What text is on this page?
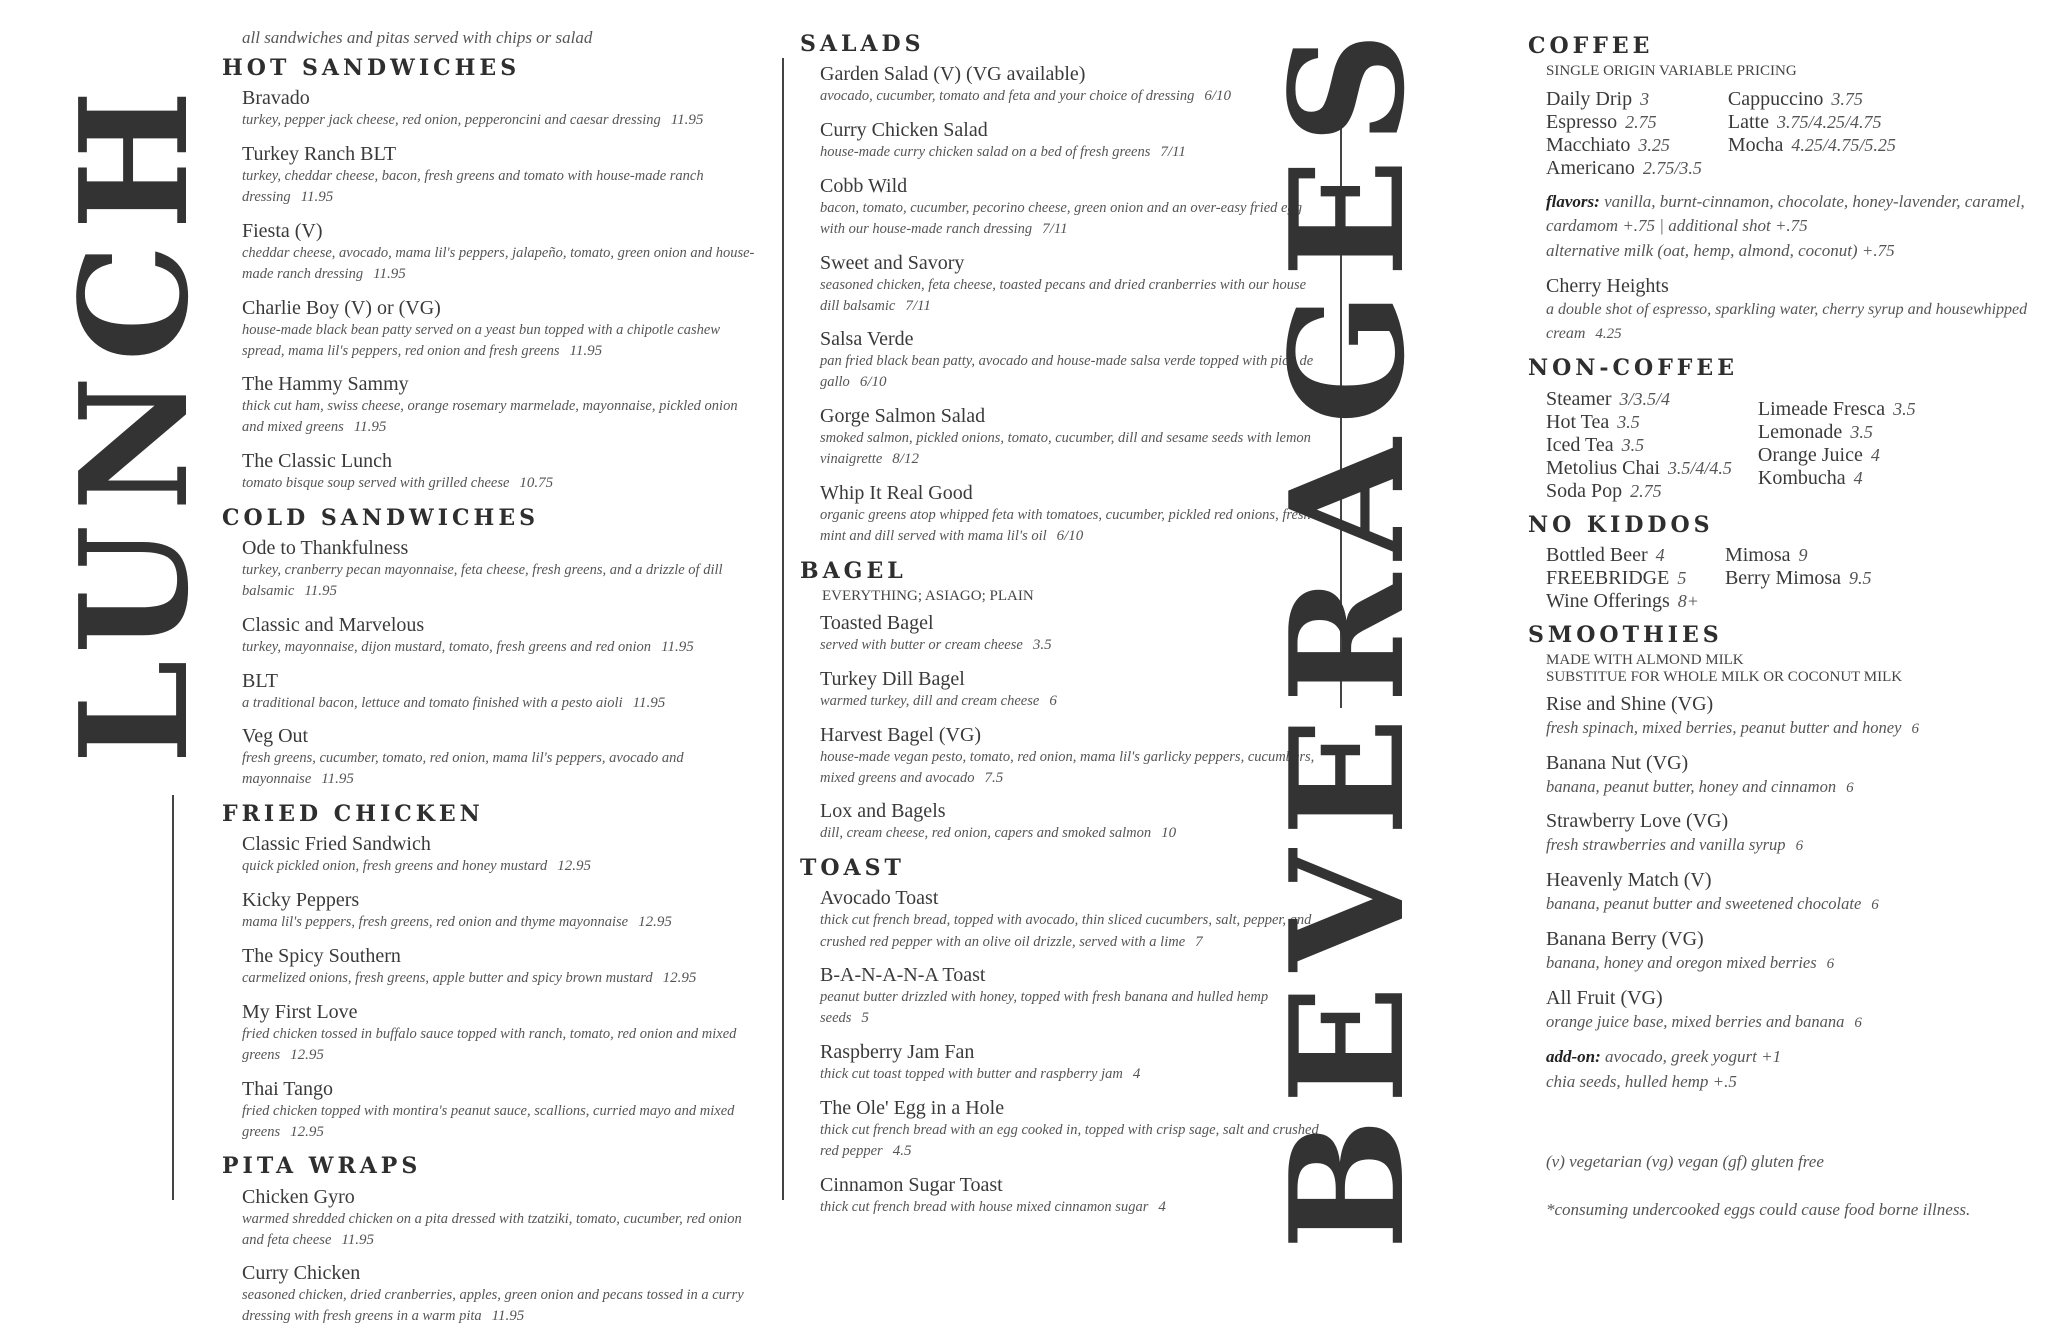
LUNCH
all sandwiches and pitas served with chips or salad
HOT SANDWICHES
Bravado
turkey, pepper jack cheese, red onion, pepperoncini and caesar dressing 11.95
Turkey Ranch BLT
turkey, cheddar cheese, bacon, fresh greens and tomato with house-made ranch dressing 11.95
Fiesta (V)
cheddar cheese, avocado, mama lil's peppers, jalapeño, tomato, green onion and house-made ranch dressing 11.95
Charlie Boy (V) or (VG)
house-made black bean patty served on a yeast bun topped with a chipotle cashew spread, mama lil's peppers, red onion and fresh greens 11.95
The Hammy Sammy
thick cut ham, swiss cheese, orange rosemary marmelade, mayonnaise, pickled onion and mixed greens 11.95
The Classic Lunch
tomato bisque soup served with grilled cheese 10.75
COLD SANDWICHES
Ode to Thankfulness
turkey, cranberry pecan mayonnaise, feta cheese, fresh greens, and a drizzle of dill balsamic 11.95
Classic and Marvelous
turkey, mayonnaise, dijon mustard, tomato, fresh greens and red onion 11.95
BLT
a traditional bacon, lettuce and tomato finished with a pesto aioli 11.95
Veg Out
fresh greens, cucumber, tomato, red onion, mama lil's peppers, avocado and mayonnaise 11.95
FRIED CHICKEN
Classic Fried Sandwich
quick pickled onion, fresh greens and honey mustard 12.95
Kicky Peppers
mama lil's peppers, fresh greens, red onion and thyme mayonnaise 12.95
The Spicy Southern
carmelized onions, fresh greens, apple butter and spicy brown mustard 12.95
My First Love
fried chicken tossed in buffalo sauce topped with ranch, tomato, red onion and mixed greens 12.95
Thai Tango
fried chicken topped with montira's peanut sauce, scallions, curried mayo and mixed greens 12.95
PITA WRAPS
Chicken Gyro
warmed shredded chicken on a pita dressed with tzatziki, tomato, cucumber, red onion and feta cheese 11.95
Curry Chicken
seasoned chicken, dried cranberries, apples, green onion and pecans tossed in a curry dressing with fresh greens in a warm pita 11.95
SALADS
Garden Salad (V) (VG available)
avocado, cucumber, tomato and feta and your choice of dressing 6/10
Curry Chicken Salad
house-made curry chicken salad on a bed of fresh greens 7/11
Cobb Wild
bacon, tomato, cucumber, pecorino cheese, green onion and an over-easy fried egg with our house-made ranch dressing 7/11
Sweet and Savory
seasoned chicken, feta cheese, toasted pecans and dried cranberries with our house dill balsamic 7/11
Salsa Verde
pan fried black bean patty, avocado and house-made salsa verde topped with pico de gallo 6/10
Gorge Salmon Salad
smoked salmon, pickled onions, tomato, cucumber, dill and sesame seeds with lemon vinaigrette 8/12
Whip It Real Good
organic greens atop whipped feta with tomatoes, cucumber, pickled red onions, fresh mint and dill served with mama lil's oil 6/10
BAGEL
EVERYTHING; ASIAGO; PLAIN
Toasted Bagel
served with butter or cream cheese 3.5
Turkey Dill Bagel
warmed turkey, dill and cream cheese 6
Harvest Bagel (VG)
house-made vegan pesto, tomato, red onion, mama lil's garlicky peppers, cucumbers, mixed greens and avocado 7.5
Lox and Bagels
dill, cream cheese, red onion, capers and smoked salmon 10
TOAST
Avocado Toast
thick cut french bread, topped with avocado, thin sliced cucumbers, salt, pepper, and crushed red pepper with an olive oil drizzle, served with a lime 7
B-A-N-A-N-A Toast
peanut butter drizzled with honey, topped with fresh banana and hulled hemp seeds 5
Raspberry Jam Fan
thick cut toast topped with butter and raspberry jam 4
The Ole' Egg in a Hole
thick cut french bread with an egg cooked in, topped with crisp sage, salt and crushed red pepper 4.5
Cinnamon Sugar Toast
thick cut french bread with house mixed cinnamon sugar 4 BEVERAGES	COFFEE
SINGLE ORIGIN VARIABLE PRICING
Daily Drip 3
Espresso 2.75
Macchiato 3.25
Americano 2.75/3.5
Cappuccino 3.75
Latte 3.75/4.25/4.75
Mocha 4.25/4.75/5.25
flavors: vanilla, burnt-cinnamon, chocolate, honey-lavender, caramel, cardamom +.75 | additional shot +.75
alternative milk (oat, hemp, almond, coconut) +.75
Cherry Heights
a double shot of espresso, sparkling water, cherry syrup and housewhipped cream 4.25
NON-COFFEE
Steamer 3/3.5/4
Hot Tea 3.5
Iced Tea 3.5
Metolius Chai 3.5/4/4.5
Soda Pop 2.75
Limeade Fresca 3.5
Lemonade 3.5
Orange Juice 4
Kombucha 4
NO KIDDOS
Bottled Beer 4
FREEBRIDGE 5
Wine Offerings 8+
Mimosa 9
Berry Mimosa 9.5
SMOOTHIES
MADE WITH ALMOND MILK
SUBSTITUE FOR WHOLE MILK OR COCONUT MILK
Rise and Shine (VG)
fresh spinach, mixed berries, peanut butter and honey 6
Banana Nut (VG)
banana, peanut butter, honey and cinnamon 6
Strawberry Love (VG)
fresh strawberries and vanilla syrup 6
Heavenly Match (V)
banana, peanut butter and sweetened chocolate 6
Banana Berry (VG)
banana, honey and oregon mixed berries 6
All Fruit (VG)
orange juice base, mixed berries and banana 6
add-on: avocado, greek yogurt +1
chia seeds, hulled hemp +.5
(v) vegetarian (vg) vegan (gf) gluten free
*consuming undercooked eggs could cause food borne illness.
